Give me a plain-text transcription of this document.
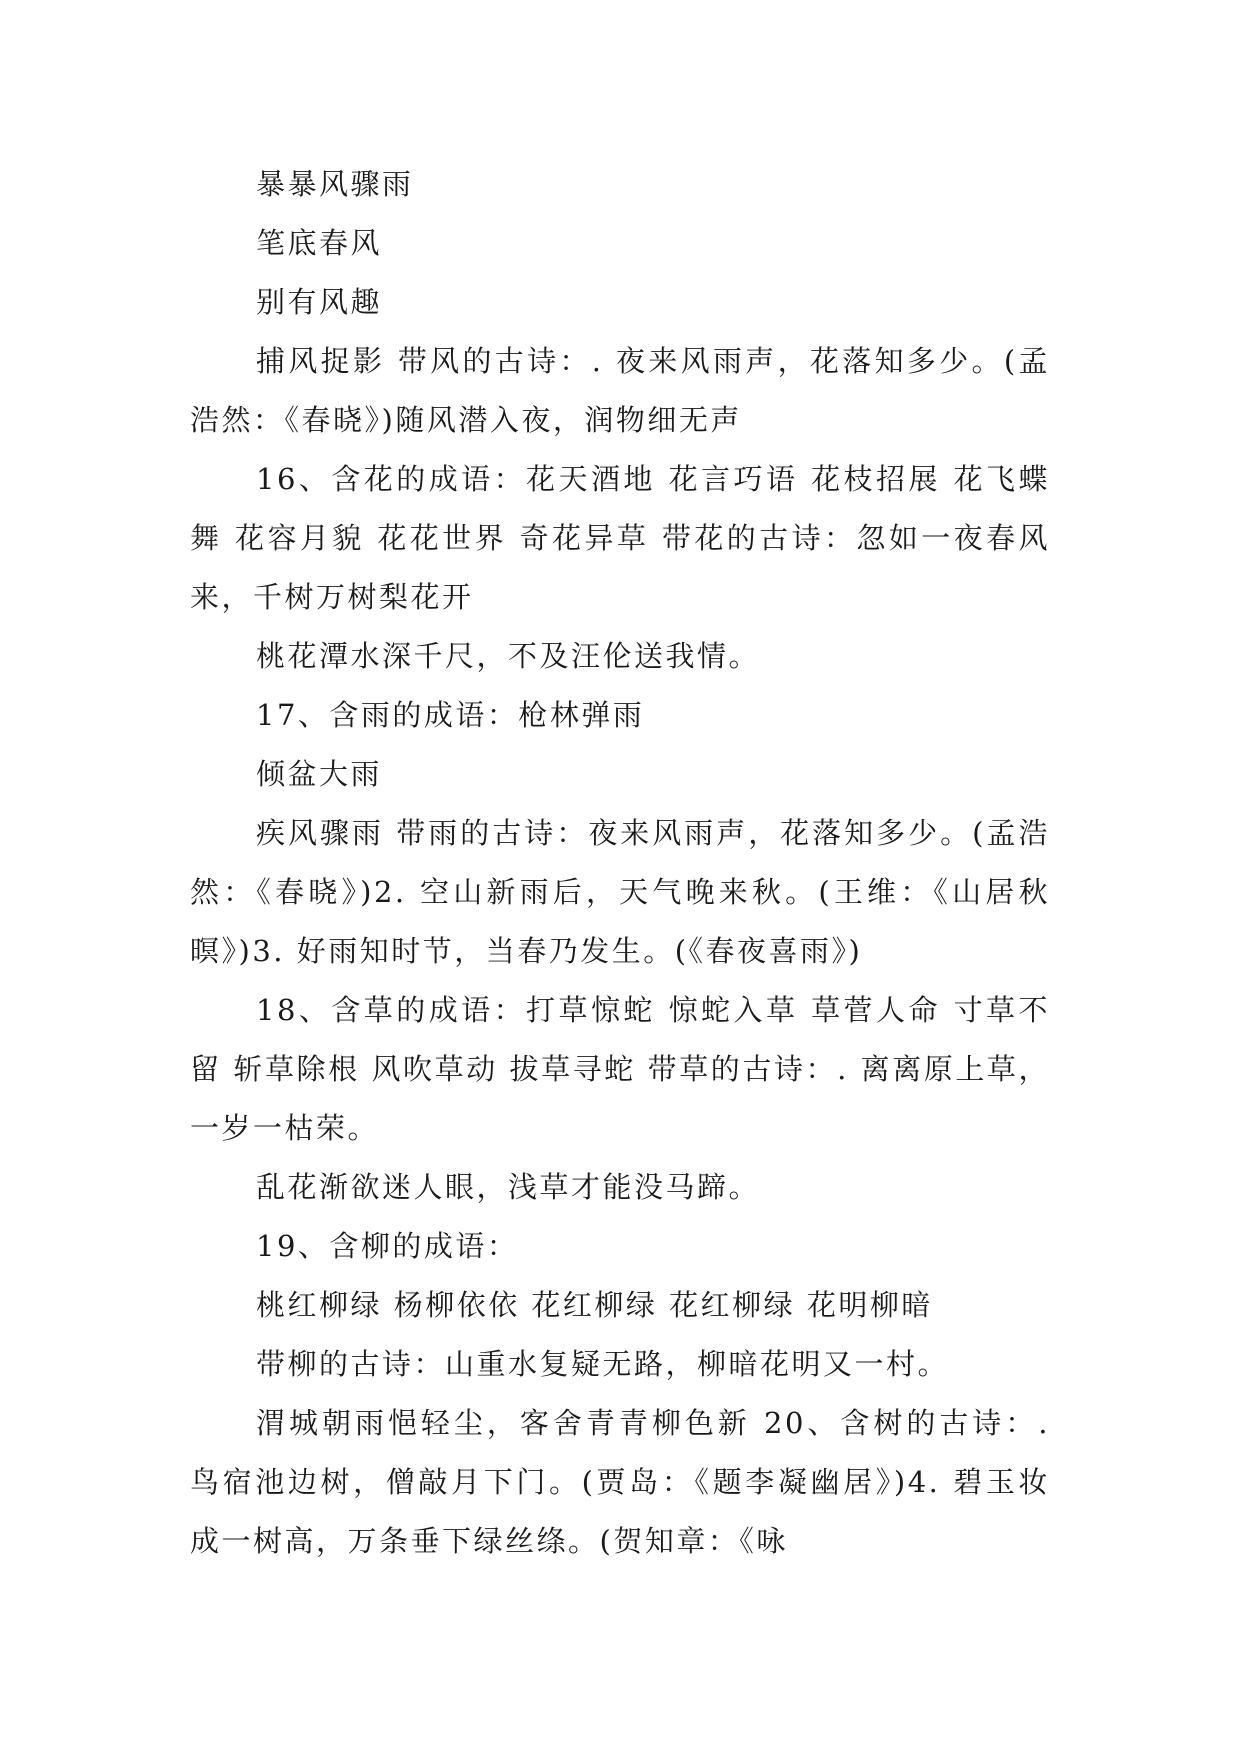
暴暴风骤雨

笔底春风

别有风趣

捕风捉影 带风的古诗：. 夜来风雨声，花落知多少。(孟浩然：《春晓》)随风潜入夜，润物细无声

16、含花的成语：花天酒地 花言巧语 花枝招展 花飞蝶舞 花容月貌 花花世界 奇花异草 带花的古诗：忽如一夜春风来，千树万树梨花开

桃花潭水深千尺，不及汪伦送我情。

17、含雨的成语：枪林弹雨

倾盆大雨

疾风骤雨 带雨的古诗：夜来风雨声，花落知多少。(孟浩然：《春晓》)2. 空山新雨后，天气晚来秋。(王维：《山居秋暝》)3. 好雨知时节，当春乃发生。(《春夜喜雨》)

18、含草的成语：打草惊蛇 惊蛇入草 草菅人命 寸草不留 斩草除根 风吹草动 拔草寻蛇 带草的古诗：. 离离原上草，一岁一枯荣。

乱花渐欲迷人眼，浅草才能没马蹄。

19、含柳的成语：

桃红柳绿 杨柳依依 花红柳绿 花红柳绿 花明柳暗

带柳的古诗：山重水复疑无路，柳暗花明又一村。

渭城朝雨悒轻尘，客舍青青柳色新 20、含树的古诗：. 鸟宿池边树，僧敲月下门。(贾岛：《题李凝幽居》)4. 碧玉妆成一树高，万条垂下绿丝绦。(贺知章：《咏
